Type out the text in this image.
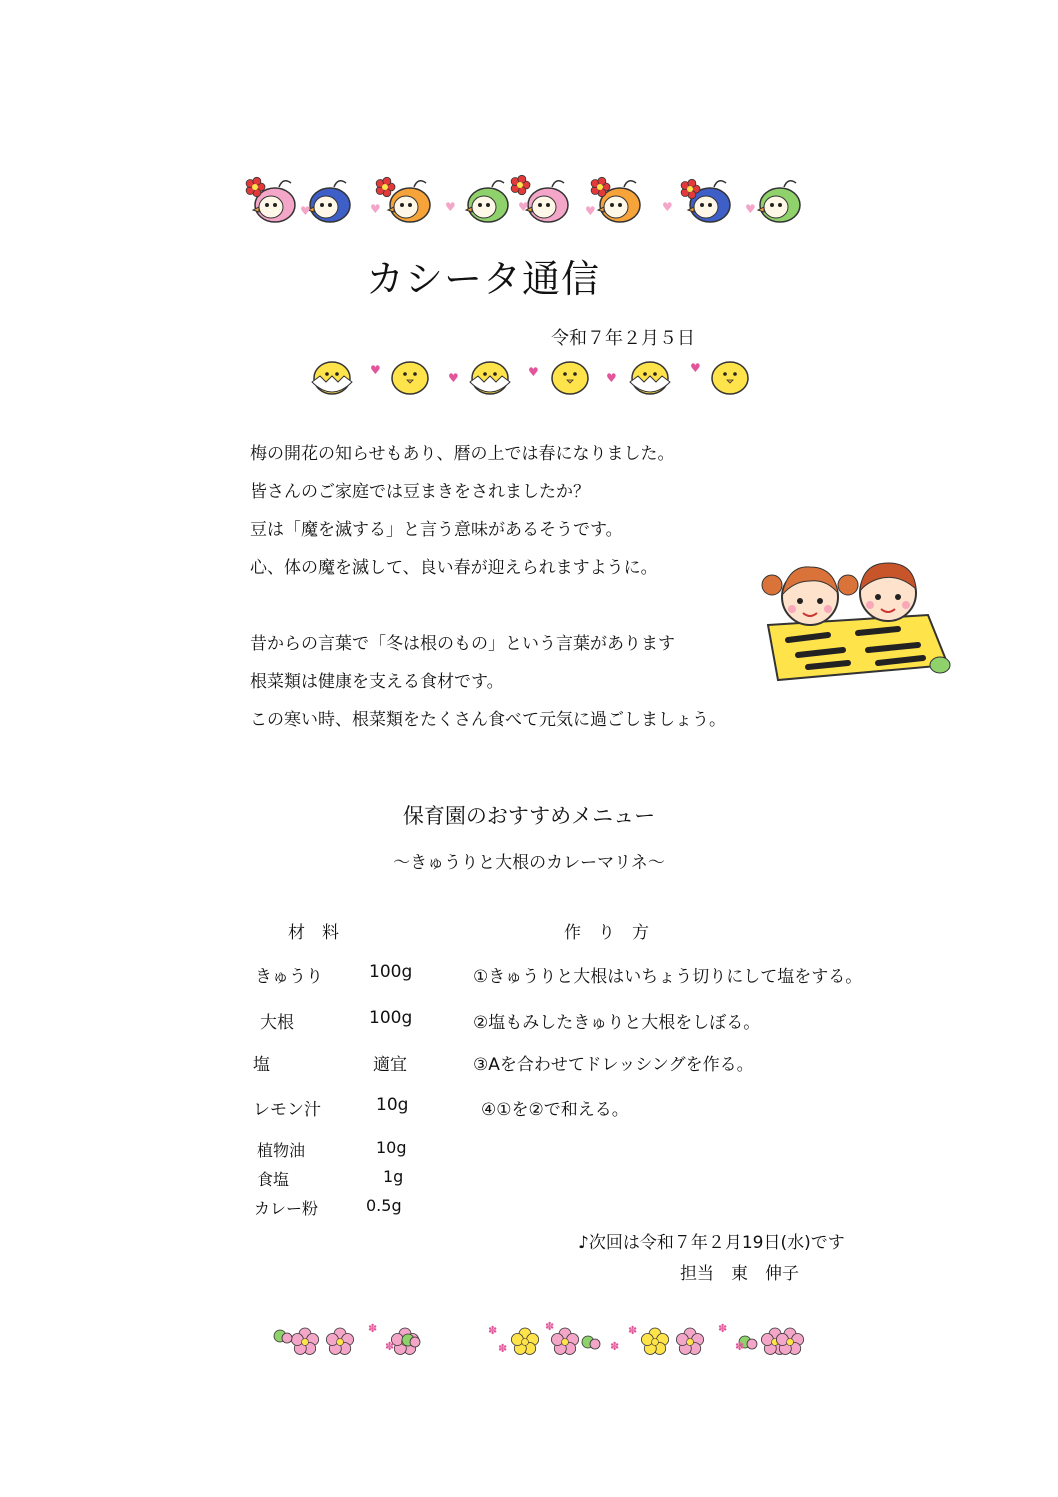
♥	♥	♥	♥	♥	♥	♥
カシータ通信
令和７年２月５日
♥
♥	♥	♥
♥
梅の開花の知らせもあり、暦の上では春になりました。
皆さんのご家庭では豆まきをされましたか？
豆は「魔を滅する」と言う意味があるそうです。
心、体の魔を滅して、良い春が迎えられますように。
昔からの言葉で「冬は根のもの」という言葉があります
根菜類は健康を支える食材です。
この寒い時、根菜類をたくさん食べて元気に過ごしましょう。
保育園のおすすめメニュー
～きゅうりと大根のカレーマリネ～
材　料	作　り　方
きゅうり	100g
大根	100g
塩	適宜
レモン汁	10g
植物油	10g
食塩	1g
カレー粉	0.5g
①きゅうりと大根はいちょう切りにして塩をする。
②塩もみしたきゅりと大根をしぼる。
③Aを合わせてドレッシングを作る。
④①を②で和える。
♪次回は令和７年２月19日(水)です
担当　東　伸子
✽
✽
✽
✽
✽
✽
✽	✽
✽
